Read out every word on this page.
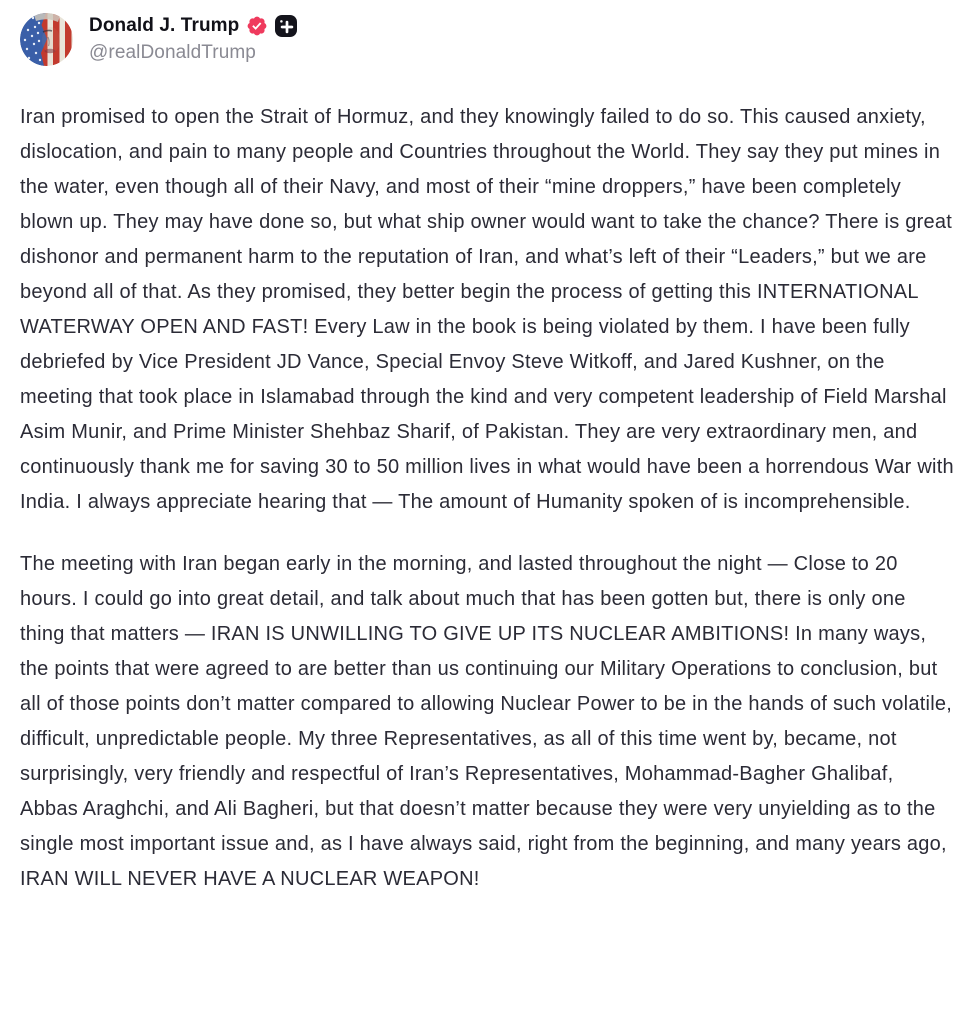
Donald J. Trump
@realDonaldTrump

Iran promised to open the Strait of Hormuz, and they knowingly failed to do so. This caused anxiety, dislocation, and pain to many people and Countries throughout the World. They say they put mines in the water, even though all of their Navy, and most of their “mine droppers,” have been completely blown up. They may have done so, but what ship owner would want to take the chance? There is great dishonor and permanent harm to the reputation of Iran, and what’s left of their “Leaders,” but we are beyond all of that. As they promised, they better begin the process of getting this INTERNATIONAL WATERWAY OPEN AND FAST! Every Law in the book is being violated by them. I have been fully debriefed by Vice President JD Vance, Special Envoy Steve Witkoff, and Jared Kushner, on the meeting that took place in Islamabad through the kind and very competent leadership of Field Marshal Asim Munir, and Prime Minister Shehbaz Sharif, of Pakistan. They are very extraordinary men, and continuously thank me for saving 30 to 50 million lives in what would have been a horrendous War with India. I always appreciate hearing that — The amount of Humanity spoken of is incomprehensible.

The meeting with Iran began early in the morning, and lasted throughout the night — Close to 20 hours. I could go into great detail, and talk about much that has been gotten but, there is only one thing that matters — IRAN IS UNWILLING TO GIVE UP ITS NUCLEAR AMBITIONS! In many ways, the points that were agreed to are better than us continuing our Military Operations to conclusion, but all of those points don’t matter compared to allowing Nuclear Power to be in the hands of such volatile, difficult, unpredictable people. My three Representatives, as all of this time went by, became, not surprisingly, very friendly and respectful of Iran’s Representatives, Mohammad-Bagher Ghalibaf, Abbas Araghchi, and Ali Bagheri, but that doesn’t matter because they were very unyielding as to the single most important issue and, as I have always said, right from the beginning, and many years ago, IRAN WILL NEVER HAVE A NUCLEAR WEAPON!
